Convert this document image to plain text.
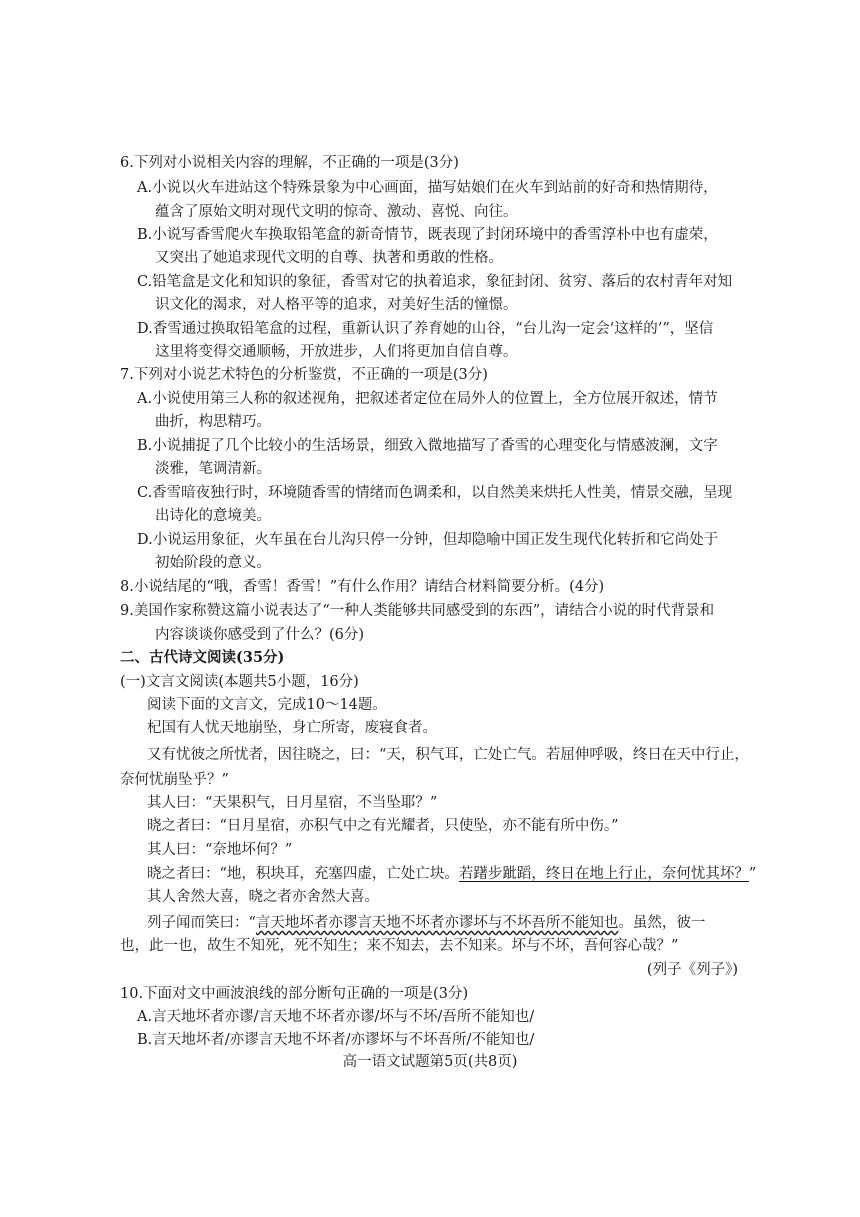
6.下列对小说相关内容的理解，不正确的一项是(3分)
A.小说以火车进站这个特殊景象为中心画面，描写姑娘们在火车到站前的好奇和热情期待，
蕴含了原始文明对现代文明的惊奇、激动、喜悦、向往。
B.小说写香雪爬火车换取铅笔盒的新奇情节，既表现了封闭环境中的香雪淳朴中也有虚荣，
又突出了她追求现代文明的自尊、执著和勇敢的性格。
C.铅笔盒是文化和知识的象征，香雪对它的执着追求，象征封闭、贫穷、落后的农村青年对知
识文化的渴求，对人格平等的追求，对美好生活的憧憬。
D.香雪通过换取铅笔盒的过程，重新认识了养育她的山谷，“台儿沟一定会‘这样的’”，坚信
这里将变得交通顺畅，开放进步，人们将更加自信自尊。
7.下列对小说艺术特色的分析鉴赏，不正确的一项是(3分)
A.小说使用第三人称的叙述视角，把叙述者定位在局外人的位置上，全方位展开叙述，情节
曲折，构思精巧。
B.小说捕捉了几个比较小的生活场景，细致入微地描写了香雪的心理变化与情感波澜，文字
淡雅，笔调清新。
C.香雪暗夜独行时，环境随香雪的情绪而色调柔和，以自然美来烘托人性美，情景交融，呈现
出诗化的意境美。
D.小说运用象征，火车虽在台儿沟只停一分钟，但却隐喻中国正发生现代化转折和它尚处于
初始阶段的意义。
8.小说结尾的“哦，香雪！香雪！”有什么作用？请结合材料简要分析。(4分)
9.美国作家称赞这篇小说表达了“一种人类能够共同感受到的东西”，请结合小说的时代背景和
内容谈谈你感受到了什么？(6分)
二、古代诗文阅读(35分)
(一)文言文阅读(本题共5小题，16分)
阅读下面的文言文，完成10～14题。
杞国有人忧天地崩坠，身亡所寄，废寝食者。
又有忧彼之所忧者，因往晓之，曰：“天，积气耳，亡处亡气。若屈伸呼吸，终日在天中行止，
奈何忧崩坠乎？”
其人曰：“天果积气，日月星宿，不当坠耶？”
晓之者曰：“日月星宿，亦积气中之有光耀者，只使坠，亦不能有所中伤。”
其人曰：“奈地坏何？”
晓之者曰：“地，积块耳，充塞四虚，亡处亡块。若躇步跐蹈，终日在地上行止，奈何忧其坏？”
其人舍然大喜，晓之者亦舍然大喜。
列子闻而笑曰：“言天地坏者亦谬言天地不坏者亦谬坏与不坏吾所不能知也。虽然，彼一
也，此一也，故生不知死，死不知生；来不知去，去不知来。坏与不坏，吾何容心哉？”
(列子《列子》)
10.下面对文中画波浪线的部分断句正确的一项是(3分)
A.言天地坏者亦谬/言天地不坏者亦谬/坏与不坏/吾所不能知也/
B.言天地坏者/亦谬言天地不坏者/亦谬坏与不坏吾所/不能知也/
高一语文试题第5页(共8页)
